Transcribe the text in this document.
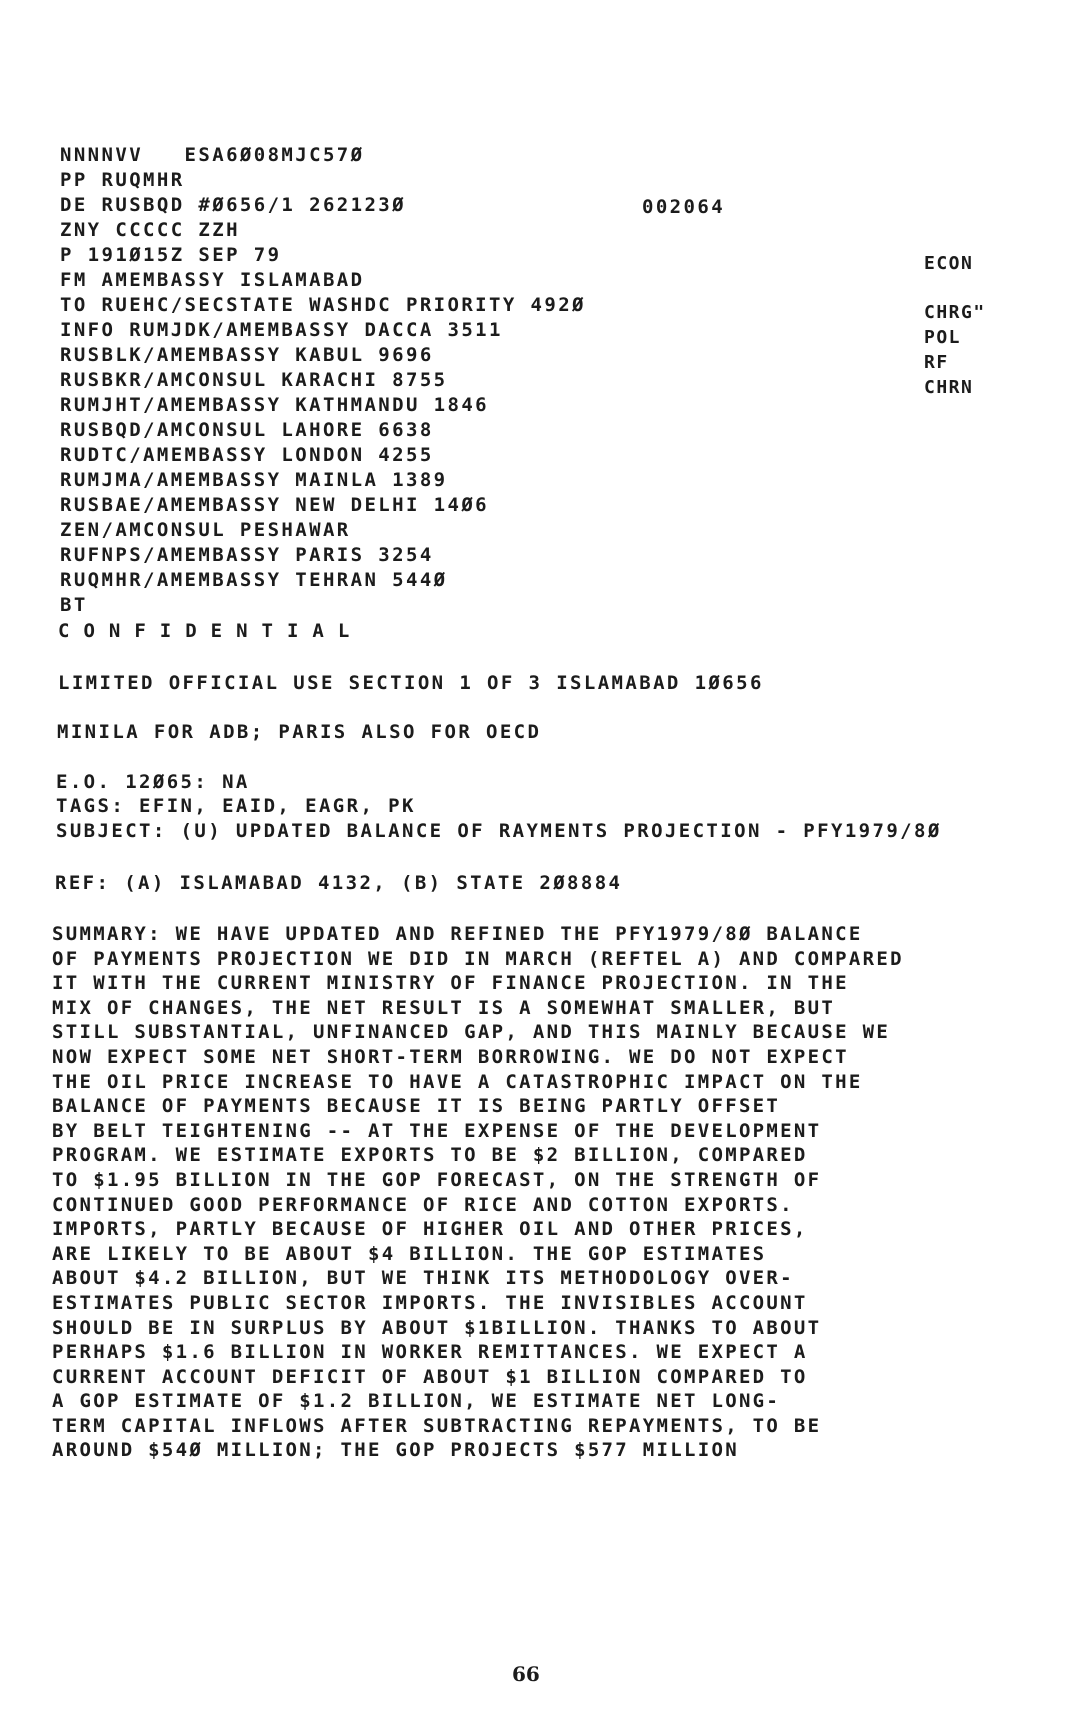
NNNNVV   ESA6Ø08MJC57Ø
PP RUQMHR
DE RUSBQD #Ø656/1 262123Ø
ZNY CCCCC ZZH
P 191Ø15Z SEP 79
FM AMEMBASSY ISLAMABAD
TO RUEHC/SECSTATE WASHDC PRIORITY 492Ø
INFO RUMJDK/AMEMBASSY DACCA 3511
RUSBLK/AMEMBASSY KABUL 9696
RUSBKR/AMCONSUL KARACHI 8755
RUMJHT/AMEMBASSY KATHMANDU 1846
RUSBQD/AMCONSUL LAHORE 6638
RUDTC/AMEMBASSY LONDON 4255
RUMJMA/AMEMBASSY MAINLA 1389
RUSBAE/AMEMBASSY NEW DELHI 14Ø6
ZEN/AMCONSUL PESHAWAR
RUFNPS/AMEMBASSY PARIS 3254
RUQMHR/AMEMBASSY TEHRAN 544Ø
BT
002064
ECON
CHRG"
POL
RF
CHRN
CONFIDENTIAL
LIMITED OFFICIAL USE SECTION 1 OF 3 ISLAMABAD 1Ø656
MINILA FOR ADB; PARIS ALSO FOR OECD
E.O. 12Ø65: NA
TAGS: EFIN, EAID, EAGR, PK
SUBJECT: (U) UPDATED BALANCE OF RAYMENTS PROJECTION - PFY1979/8Ø
REF: (A) ISLAMABAD 4132, (B) STATE 2Ø8884
SUMMARY: WE HAVE UPDATED AND REFINED THE PFY1979/8Ø BALANCE
OF PAYMENTS PROJECTION WE DID IN MARCH (REFTEL A) AND COMPARED
IT WITH THE CURRENT MINISTRY OF FINANCE PROJECTION. IN THE
MIX OF CHANGES, THE NET RESULT IS A SOMEWHAT SMALLER, BUT
STILL SUBSTANTIAL, UNFINANCED GAP, AND THIS MAINLY BECAUSE WE
NOW EXPECT SOME NET SHORT-TERM BORROWING. WE DO NOT EXPECT
THE OIL PRICE INCREASE TO HAVE A CATASTROPHIC IMPACT ON THE
BALANCE OF PAYMENTS BECAUSE IT IS BEING PARTLY OFFSET
BY BELT TEIGHTENING -- AT THE EXPENSE OF THE DEVELOPMENT
PROGRAM. WE ESTIMATE EXPORTS TO BE $2 BILLION, COMPARED
TO $1.95 BILLION IN THE GOP FORECAST, ON THE STRENGTH OF
CONTINUED GOOD PERFORMANCE OF RICE AND COTTON EXPORTS.
IMPORTS, PARTLY BECAUSE OF HIGHER OIL AND OTHER PRICES,
ARE LIKELY TO BE ABOUT $4 BILLION. THE GOP ESTIMATES
ABOUT $4.2 BILLION, BUT WE THINK ITS METHODOLOGY OVER-
ESTIMATES PUBLIC SECTOR IMPORTS. THE INVISIBLES ACCOUNT
SHOULD BE IN SURPLUS BY ABOUT $1BILLION. THANKS TO ABOUT
PERHAPS $1.6 BILLION IN WORKER REMITTANCES. WE EXPECT A
CURRENT ACCOUNT DEFICIT OF ABOUT $1 BILLION COMPARED TO
A GOP ESTIMATE OF $1.2 BILLION, WE ESTIMATE NET LONG-
TERM CAPITAL INFLOWS AFTER SUBTRACTING REPAYMENTS, TO BE
AROUND $54Ø MILLION; THE GOP PROJECTS $577 MILLION
66
